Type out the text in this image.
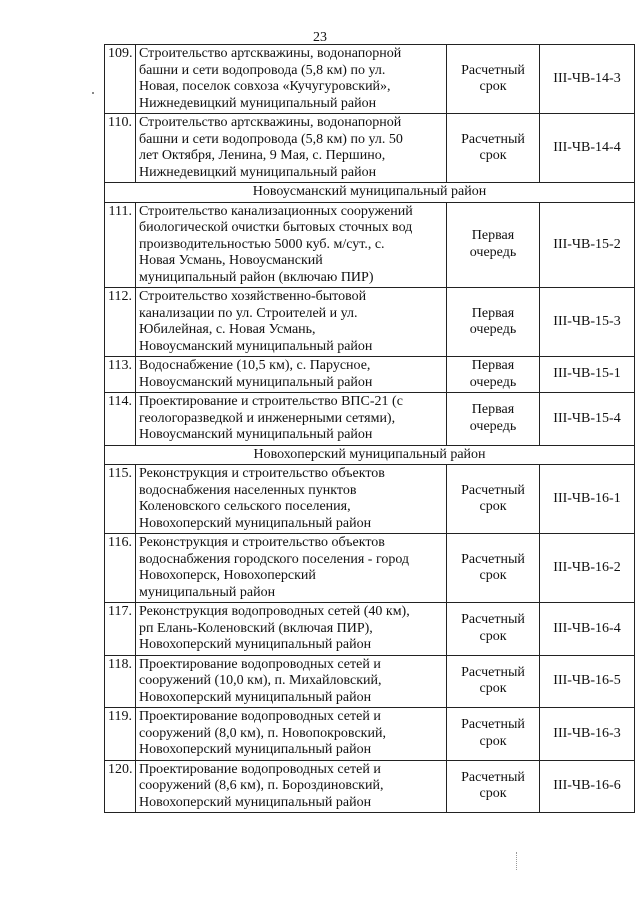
23
109.	Строительство артскважины, водонапорной
башни и сети водопровода (5,8 км) по ул.
Новая, поселок совхоза «Кучугуровский»,
Нижнедевицкий муниципальный район	Расчетный
срок	III-ЧВ-14-3
110.	Строительство артскважины, водонапорной
башни и сети водопровода (5,8 км) по ул. 50
лет Октября, Ленина, 9 Мая, с. Першино,
Нижнедевицкий муниципальный район	Расчетный
срок	III-ЧВ-14-4
Новоусманский муниципальный район			
111.	Строительство канализационных сооружений
биологической очистки бытовых сточных вод
производительностью 5000 куб. м/сут., с.
Новая Усмань, Новоусманский
муниципальный район (включаю ПИР)	Первая
очередь	III-ЧВ-15-2
112.	Строительство хозяйственно-бытовой
канализации по ул. Строителей и ул.
Юбилейная, с. Новая Усмань,
Новоусманский муниципальный район	Первая
очередь	III-ЧВ-15-3
113.	Водоснабжение (10,5 км), с. Парусное,
Новоусманский муниципальный район	Первая
очередь	III-ЧВ-15-1
114.	Проектирование и строительство ВПС-21 (с
геологоразведкой и инженерными сетями),
Новоусманский муниципальный район	Первая
очередь	III-ЧВ-15-4
Новохоперский муниципальный район			
115.	Реконструкция и строительство объектов
водоснабжения населенных пунктов
Коленовского сельского поселения,
Новохоперский муниципальный район	Расчетный
срок	III-ЧВ-16-1
116.	Реконструкция и строительство объектов
водоснабжения городского поселения - город
Новохоперск, Новохоперский
муниципальный район	Расчетный
срок	III-ЧВ-16-2
117.	Реконструкция водопроводных сетей (40 км),
рп Елань-Коленовский (включая ПИР),
Новохоперский муниципальный район	Расчетный
срок	III-ЧВ-16-4
118.	Проектирование водопроводных сетей и
сооружений (10,0 км), п. Михайловский,
Новохоперский муниципальный район	Расчетный
срок	III-ЧВ-16-5
119.	Проектирование водопроводных сетей и
сооружений (8,0 км), п. Новопокровский,
Новохоперский муниципальный район	Расчетный
срок	III-ЧВ-16-3
120.	Проектирование водопроводных сетей и
сооружений (8,6 км), п. Бороздиновский,
Новохоперский муниципальный район	Расчетный
срок	III-ЧВ-16-6
